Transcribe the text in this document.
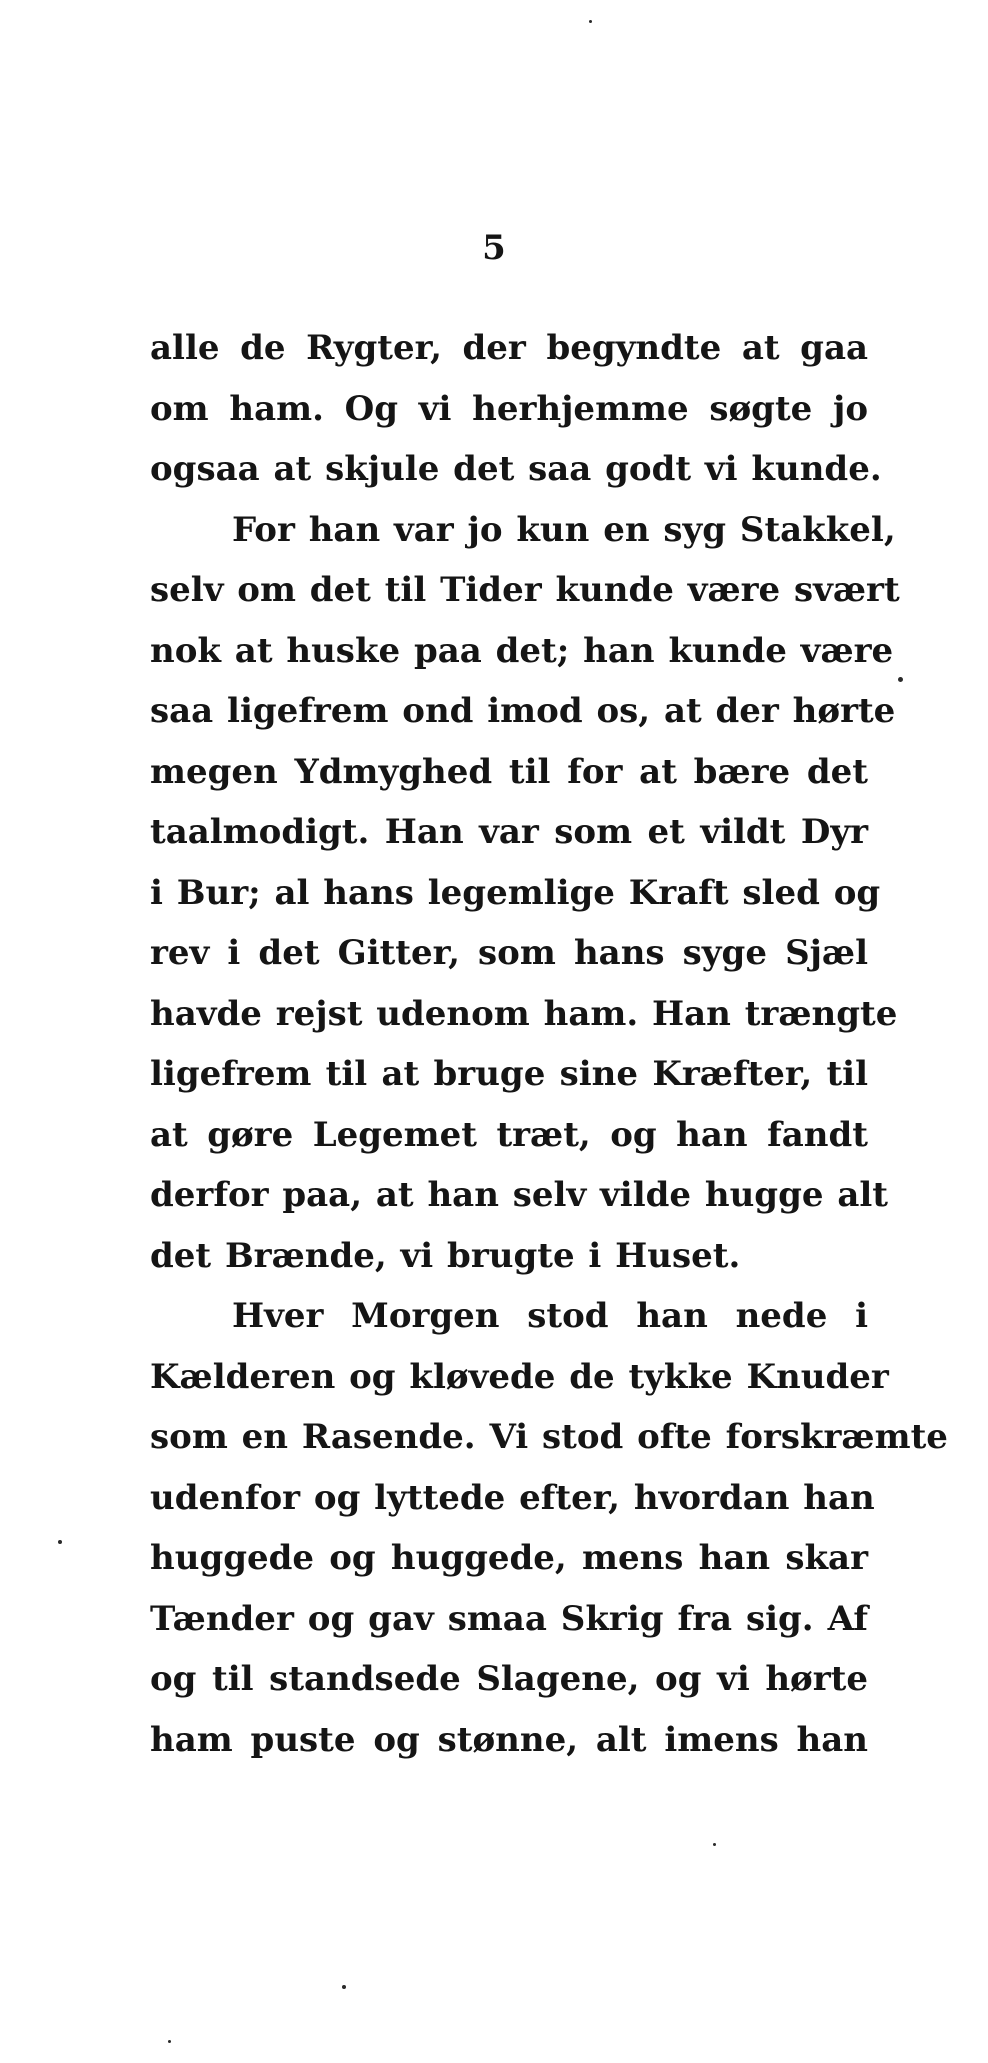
5
alle de Rygter, der begyndte at gaa
om ham. Og vi herhjemme søgte jo
ogsaa at skjule det saa godt vi kunde.
For han var jo kun en syg Stakkel,
selv om det til Tider kunde være svært
nok at huske paa det; han kunde være
saa ligefrem ond imod os, at der hørte
megen Ydmyghed til for at bære det
taalmodigt. Han var som et vildt Dyr
i Bur; al hans legemlige Kraft sled og
rev i det Gitter, som hans syge Sjæl
havde rejst udenom ham. Han trængte
ligefrem til at bruge sine Kræfter, til
at gøre Legemet træt, og han fandt
derfor paa, at han selv vilde hugge alt
det Brænde, vi brugte i Huset.
Hver Morgen stod han nede i
Kælderen og kløvede de tykke Knuder
som en Rasende. Vi stod ofte forskræmte
udenfor og lyttede efter, hvordan han
huggede og huggede, mens han skar
Tænder og gav smaa Skrig fra sig. Af
og til standsede Slagene, og vi hørte
ham puste og stønne, alt imens han
